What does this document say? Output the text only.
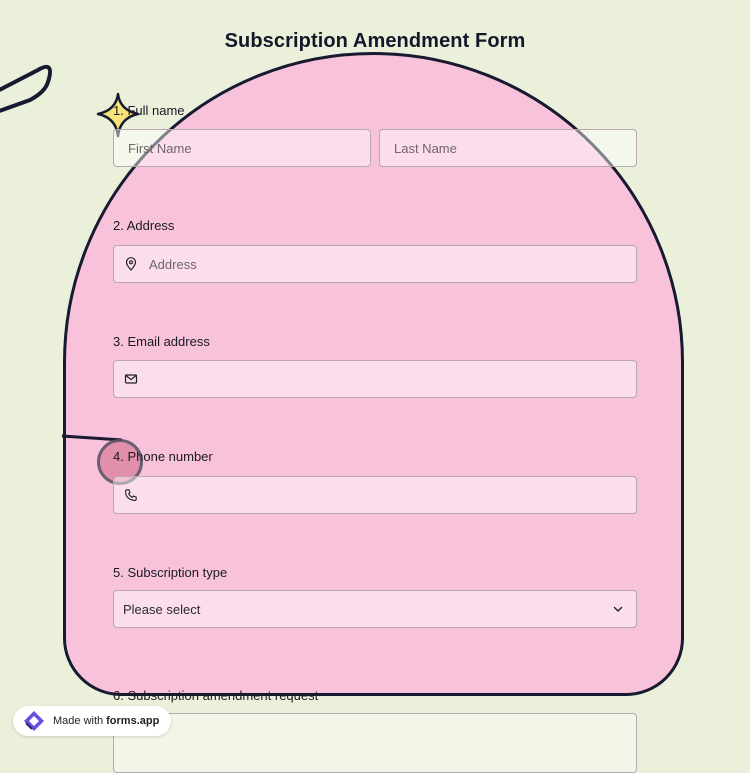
Subscription Amendment Form
1. Full name
First Name	Last Name
2. Address
Address
3. Email address
4. Phone number
5. Subscription type
Please select
6. Subscription amendment request
Made with forms.app
